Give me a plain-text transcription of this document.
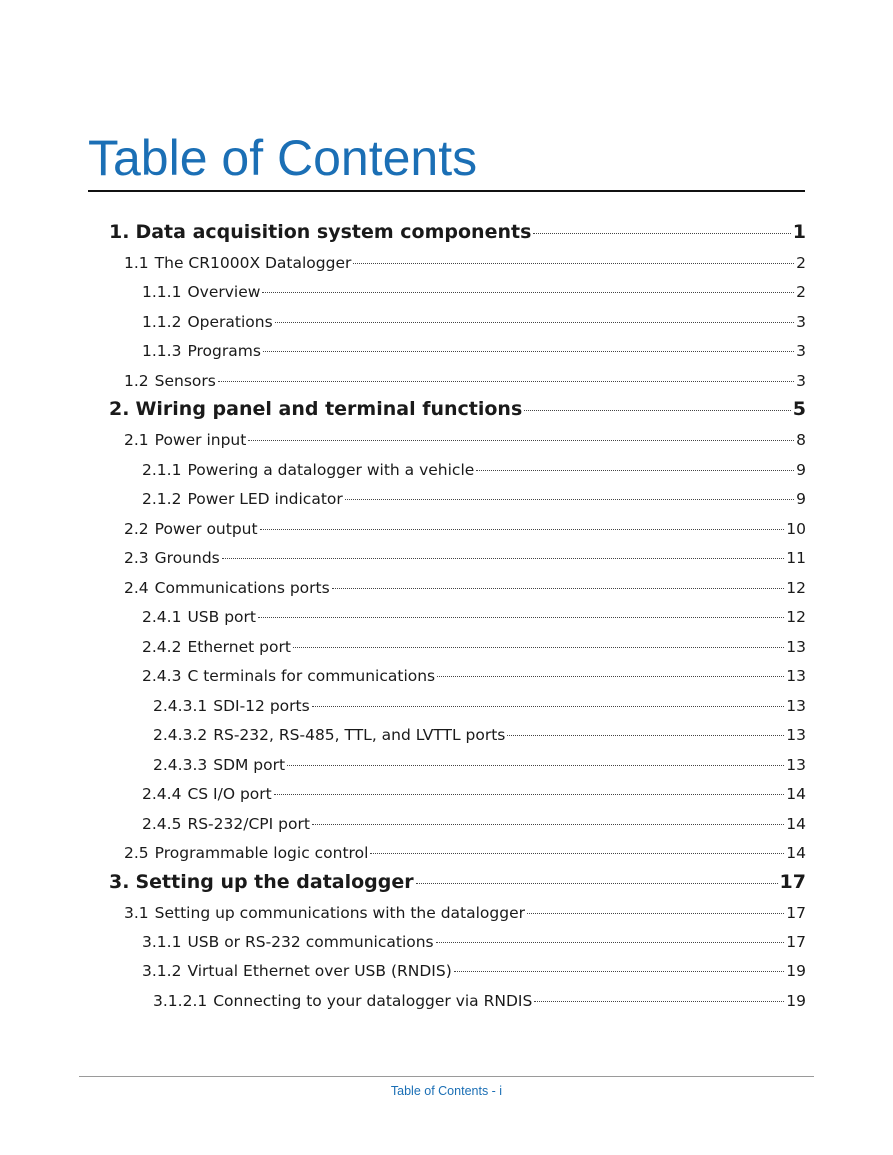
Table of Contents
1. Data acquisition system components	1
1.1 The CR1000X Datalogger	2
1.1.1 Overview	2
1.1.2 Operations	3
1.1.3 Programs	3
1.2 Sensors	3
2. Wiring panel and terminal functions	5
2.1 Power input	8
2.1.1 Powering a datalogger with a vehicle	9
2.1.2 Power LED indicator	9
2.2 Power output	10
2.3 Grounds	11
2.4 Communications ports	12
2.4.1 USB port	12
2.4.2 Ethernet port	13
2.4.3 C terminals for communications	13
2.4.3.1 SDI-12 ports	13
2.4.3.2 RS-232, RS-485, TTL, and LVTTL ports	13
2.4.3.3 SDM port	13
2.4.4 CS I/O port	14
2.4.5 RS-232/CPI port	14
2.5 Programmable logic control	14
3. Setting up the datalogger	17
3.1 Setting up communications with the datalogger	17
3.1.1 USB or RS-232 communications	17
3.1.2 Virtual Ethernet over USB (RNDIS)	19
3.1.2.1 Connecting to your datalogger via RNDIS	19
Table of Contents - i
